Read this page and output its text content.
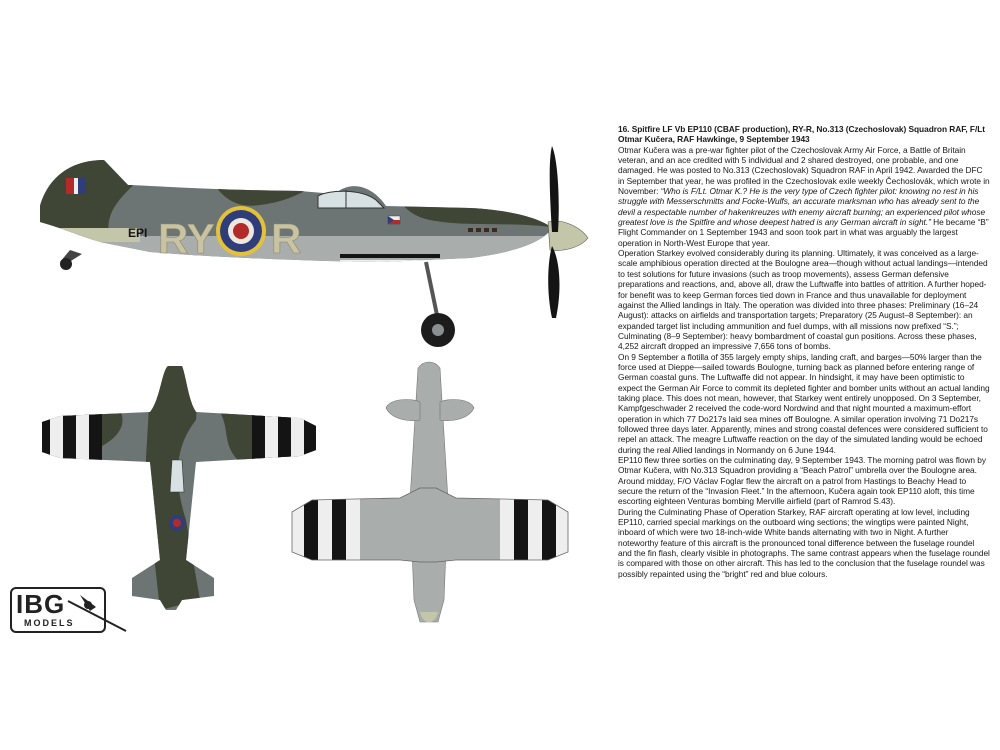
RY R
EPI

16. Spitfire LF Vb EP110 (CBAF production), RY-R, No.313 (Czechoslovak) Squadron RAF, F/Lt Otmar Kučera, RAF Hawkinge, 9 September 1943

Otmar Kučera was a pre-war fighter pilot of the Czechoslovak Army Air Force, a Battle of Britain veteran, and an ace credited with 5 individual and 2 shared destroyed, one probable, and one damaged. He was posted to No.313 (Czechoslovak) Squadron RAF in April 1942. Awarded the DFC in September that year, he was profiled in the Czechoslovak exile weekly Čechoslovák, which wrote in November: “Who is F/Lt. Otmar K.? He is the very type of Czech fighter pilot: knowing no rest in his struggle with Messerschmitts and Focke-Wulfs, an accurate marksman who has already sent to the devil a respectable number of hakenkreuzes with enemy aircraft burning; an experienced pilot whose greatest love is the Spitfire and whose deepest hatred is any German aircraft in sight.” He became “B” Flight Commander on 1 September 1943 and soon took part in what was arguably the largest operation in North-West Europe that year.

Operation Starkey evolved considerably during its planning. Ultimately, it was conceived as a large-scale amphibious operation directed at the Boulogne area—though without actual landings—intended to test solutions for future invasions (such as troop movements), assess German defensive preparations and reactions, and, above all, draw the Luftwaffe into battles of attrition. A further hoped-for benefit was to keep German forces tied down in France and thus unavailable for deployment against the Allied landings in Italy. The operation was divided into three phases: Preliminary (16–24 August): attacks on airfields and transportation targets; Preparatory (25 August–8 September): an expanded target list including ammunition and fuel dumps, with all missions now prefixed “S.”; Culminating (8–9 September): heavy bombardment of coastal gun positions. Across these phases, 4,252 aircraft dropped an impressive 7,656 tons of bombs.

On 9 September a flotilla of 355 largely empty ships, landing craft, and barges—50% larger than the force used at Dieppe—sailed towards Boulogne, turning back as planned before entering range of German coastal guns. The Luftwaffe did not appear. In hindsight, it may have been optimistic to expect the German Air Force to commit its depleted fighter and bomber units without an actual landing taking place. This does not mean, however, that Starkey went entirely unopposed. On 3 September, Kampfgeschwader 2 received the code-word Nordwind and that night mounted a maximum-effort operation in which 77 Do217s laid sea mines off Boulogne. A similar operation involving 71 Do217s followed three days later. Apparently, mines and strong coastal defences were considered sufficient to repel an attack. The meagre Luftwaffe reaction on the day of the simulated landing would be echoed during the real Allied landings in Normandy on 6 June 1944.

EP110 flew three sorties on the culminating day, 9 September 1943. The morning patrol was flown by Otmar Kučera, with No.313 Squadron providing a “Beach Patrol” umbrella over the Boulogne area. Around midday, F/O Václav Foglar flew the aircraft on a patrol from Hastings to Beachy Head to secure the return of the “Invasion Fleet.” In the afternoon, Kučera again took EP110 aloft, this time escorting eighteen Venturas bombing Merville airfield (part of Ramrod S.43).

During the Culminating Phase of Operation Starkey, RAF aircraft operating at low level, including EP110, carried special markings on the outboard wing sections; the wingtips were painted Night, inboard of which were two 18-inch-wide White bands alternating with two in Night. A further noteworthy feature of this aircraft is the pronounced tonal difference between the fuselage roundel and the fin flash, clearly visible in photographs. The same contrast appears when the fuselage roundel is compared with those on other aircraft. This has led to the conclusion that the fuselage roundel was possibly repainted using the “bright” red and blue colours.

IBG
MODELS
